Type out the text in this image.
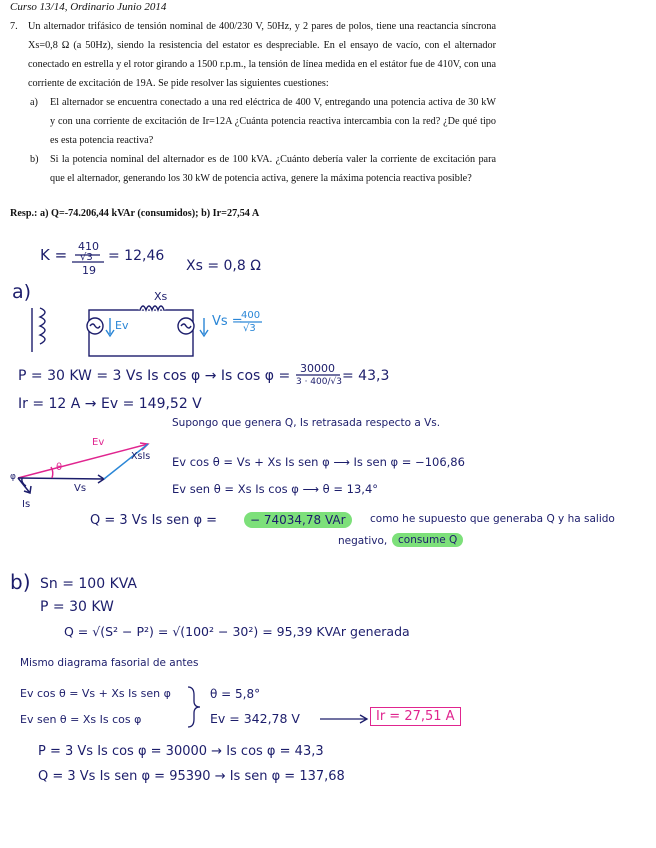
Curso 13/14, Ordinario Junio 2014
7. Un alternador trifásico de tensión nominal de 400/230 V, 50Hz, y 2 pares de polos, tiene una reactancia síncrona Xs=0,8 Ω (a 50Hz), siendo la resistencia del estator es despreciable. En el ensayo de vacío, con el alternador conectado en estrella y el rotor girando a 1500 r.p.m., la tensión de línea medida en el estátor fue de 410V, con una corriente de excitación de 19A. Se pide resolver las siguientes cuestiones:
a) El alternador se encuentra conectado a una red eléctrica de 400 V, entregando una potencia activa de 30 kW y con una corriente de excitación de Ir=12A ¿Cuánta potencia reactiva intercambia con la red? ¿De qué tipo es esta potencia reactiva?
b) Si la potencia nominal del alternador es de 100 kVA. ¿Cuánto debería valer la corriente de excitación para que el alternador, generando los 30 kW de potencia activa, genere la máxima potencia reactiva posible?
Resp.: a) Q=-74.206,44 kVAr (consumidos); b) Ir=27,54 A
K = 410
√3
19
= 12,46
Xs = 0,8 Ω
a)	Xs
Ev	Vs =
400
√3
P = 30 KW = 3 Vs Is cos φ → Is cos φ = 30000
3 · 400/√3 = 43,3
Ir = 12 A → Ev = 149,52 V
Supongo que genera Q, Is retrasada respecto a Vs.
Ev
XsIs
θ
φ
Vs
Is
Ev cos θ = Vs + Xs Is sen φ ⟶ Is sen φ = −106,86
Ev sen θ = Xs Is cos φ ⟶ θ = 13,4°
Q = 3 Vs Is sen φ =	− 74034,78 VAr	como he supuesto que generaba Q y ha salido
negativo,	consume Q
b) Sn = 100 KVA
P = 30 KW
Q = √(S² − P²) = √(100² − 30²) = 95,39 KVAr generada
Mismo diagrama fasorial de antes
Ev cos θ = Vs + Xs Is sen φ
Ev sen θ = Xs Is cos φ
θ = 5,8°
Ev = 342,78 V	Ir = 27,51 A
P = 3 Vs Is cos φ = 30000 → Is cos φ = 43,3
Q = 3 Vs Is sen φ = 95390 → Is sen φ = 137,68
